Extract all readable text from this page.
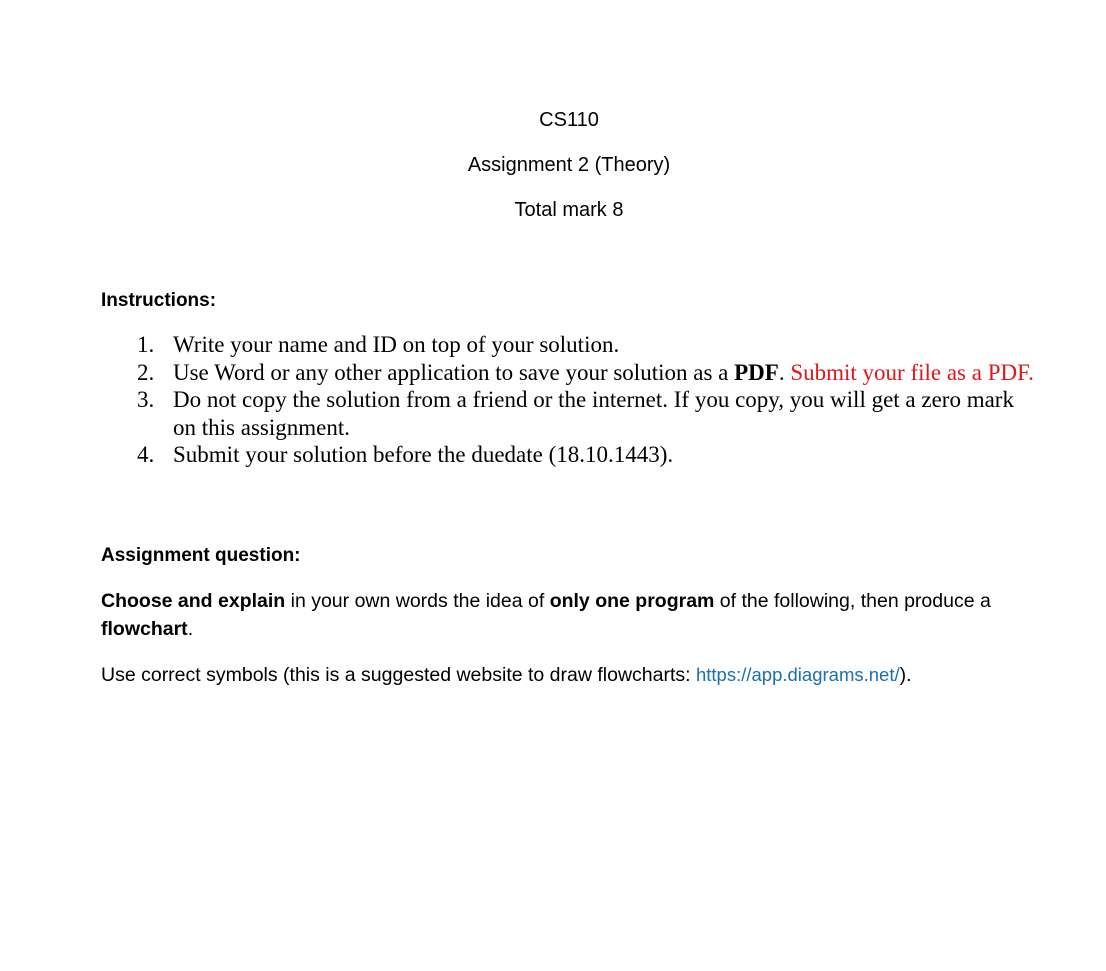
CS110
Assignment 2 (Theory)
Total mark 8
Instructions:
1. Write your name and ID on top of your solution.
2. Use Word or any other application to save your solution as a PDF. Submit your file as a PDF.
3. Do not copy the solution from a friend or the internet. If you copy, you will get a zero mark on this assignment.
4. Submit your solution before the duedate (18.10.1443).
Assignment question:
Choose and explain in your own words the idea of only one program of the following, then produce a flowchart.
Use correct symbols (this is a suggested website to draw flowcharts: https://app.diagrams.net/).
